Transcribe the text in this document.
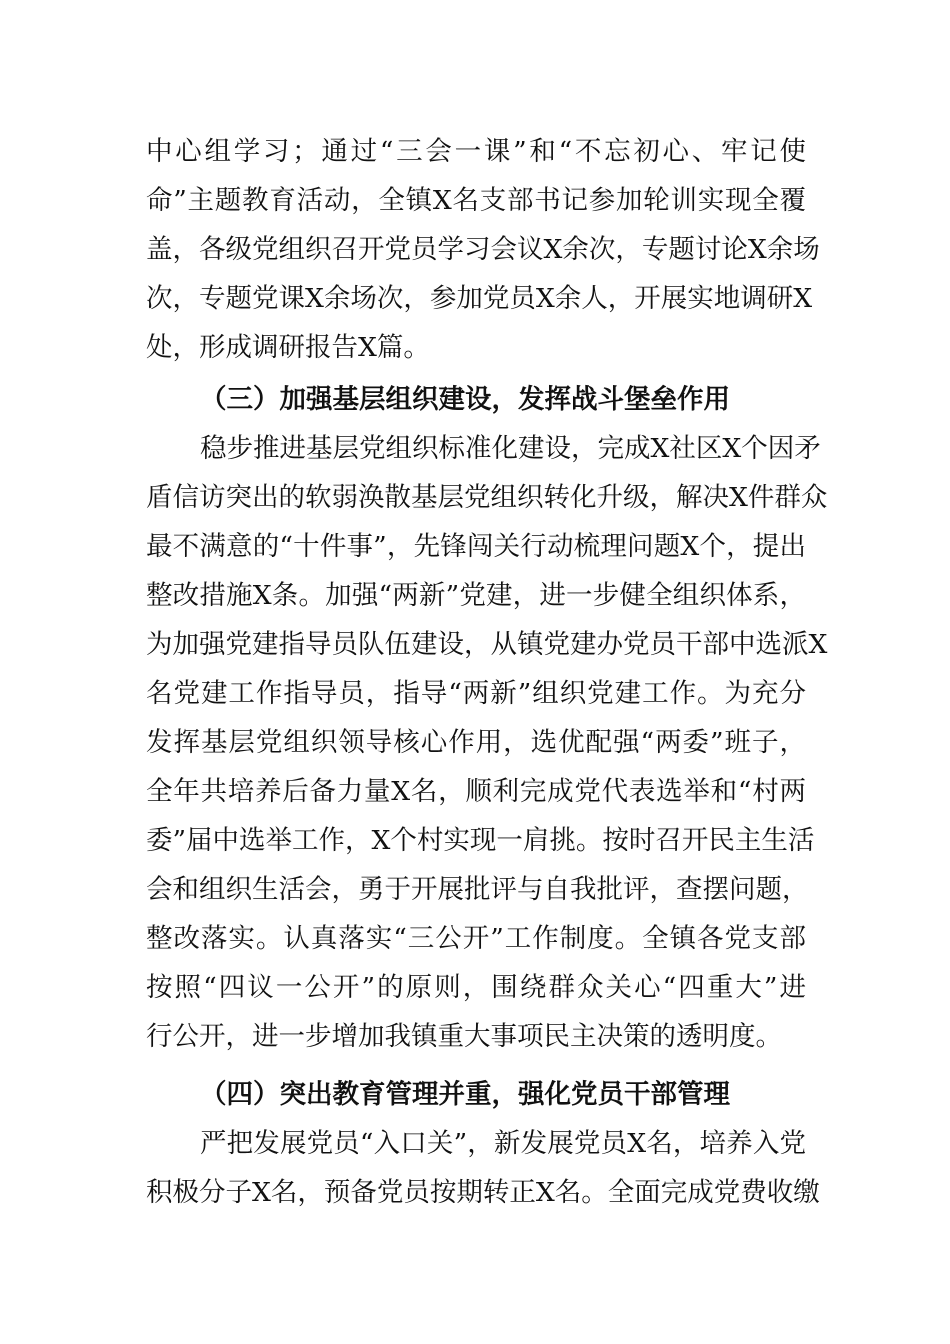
中心组学习；通过“三会一课”和“不忘初心、牢记使
命”主题教育活动，全镇X名支部书记参加轮训实现全覆
盖，各级党组织召开党员学习会议X余次，专题讨论X余场
次，专题党课X余场次，参加党员X余人，开展实地调研X
处，形成调研报告X篇。
（三）加强基层组织建设，发挥战斗堡垒作用
稳步推进基层党组织标准化建设，完成X社区X个因矛
盾信访突出的软弱涣散基层党组织转化升级，解决X件群众
最不满意的“十件事”，先锋闯关行动梳理问题X个，提出
整改措施X条。加强“两新”党建，进一步健全组织体系，
为加强党建指导员队伍建设，从镇党建办党员干部中选派X
名党建工作指导员，指导“两新”组织党建工作。为充分
发挥基层党组织领导核心作用，选优配强“两委”班子，
全年共培养后备力量X名，顺利完成党代表选举和“村两
委”届中选举工作，X个村实现一肩挑。按时召开民主生活
会和组织生活会，勇于开展批评与自我批评，查摆问题，
整改落实。认真落实“三公开”工作制度。全镇各党支部
按照“四议一公开”的原则，围绕群众关心“四重大”进
行公开，进一步增加我镇重大事项民主决策的透明度。
（四）突出教育管理并重，强化党员干部管理
严把发展党员“入口关”，新发展党员X名，培养入党
积极分子X名，预备党员按期转正X名。全面完成党费收缴
